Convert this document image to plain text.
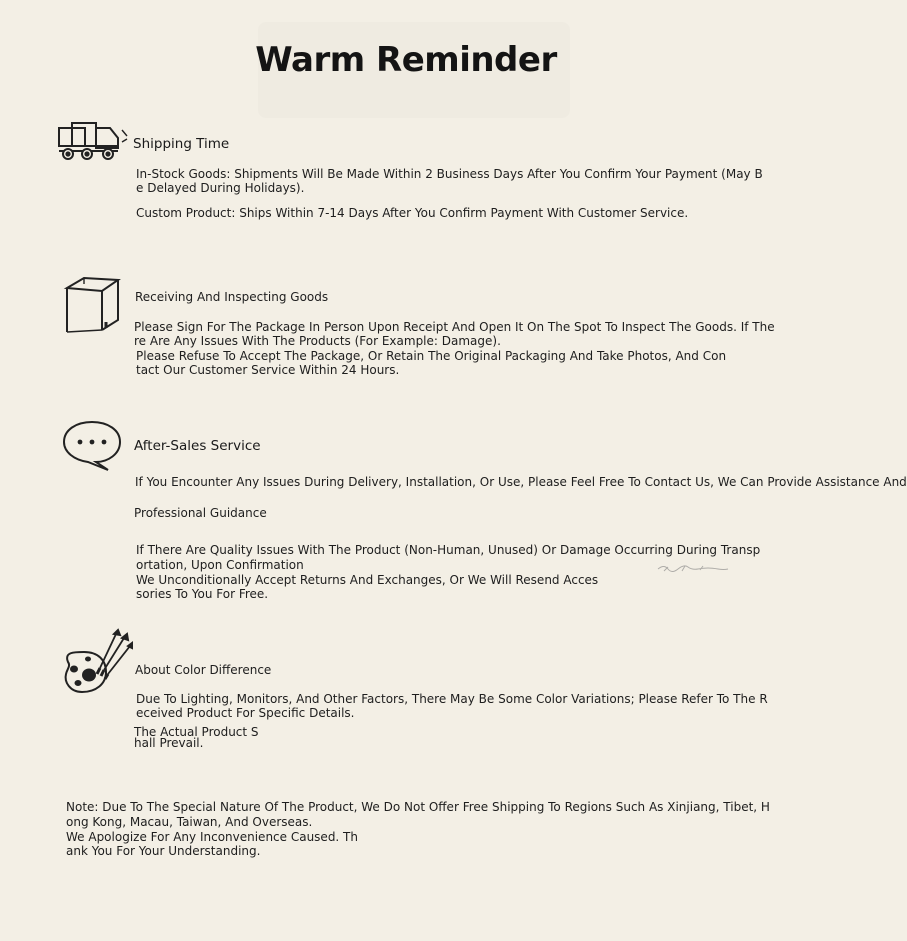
Warm Reminder
Shipping Time
In-Stock Goods: Shipments Will Be Made Within 2 Business Days After You Confirm Your Payment (May B
e Delayed During Holidays).
Custom Product: Ships Within 7-14 Days After You Confirm Payment With Customer Service.
Receiving And Inspecting Goods
Please Sign For The Package In Person Upon Receipt And Open It On The Spot To Inspect The Goods. If The
re Are Any Issues With The Products (For Example: Damage).
Please Refuse To Accept The Package, Or Retain The Original Packaging And Take Photos, And Con
tact Our Customer Service Within 24 Hours.
After-Sales Service
If You Encounter Any Issues During Delivery, Installation, Or Use, Please Feel Free To Contact Us, We Can Provide Assistance And
Professional Guidance
If There Are Quality Issues With The Product (Non-Human, Unused) Or Damage Occurring During Transp
ortation, Upon Confirmation
We Unconditionally Accept Returns And Exchanges, Or We Will Resend Acces
sories To You For Free.
About Color Difference
Due To Lighting, Monitors, And Other Factors, There May Be Some Color Variations; Please Refer To The R
eceived Product For Specific Details.
The Actual Product S
hall Prevail.
Note: Due To The Special Nature Of The Product, We Do Not Offer Free Shipping To Regions Such As Xinjiang, Tibet, H
ong Kong, Macau, Taiwan, And Overseas.
We Apologize For Any Inconvenience Caused. Th
ank You For Your Understanding.
